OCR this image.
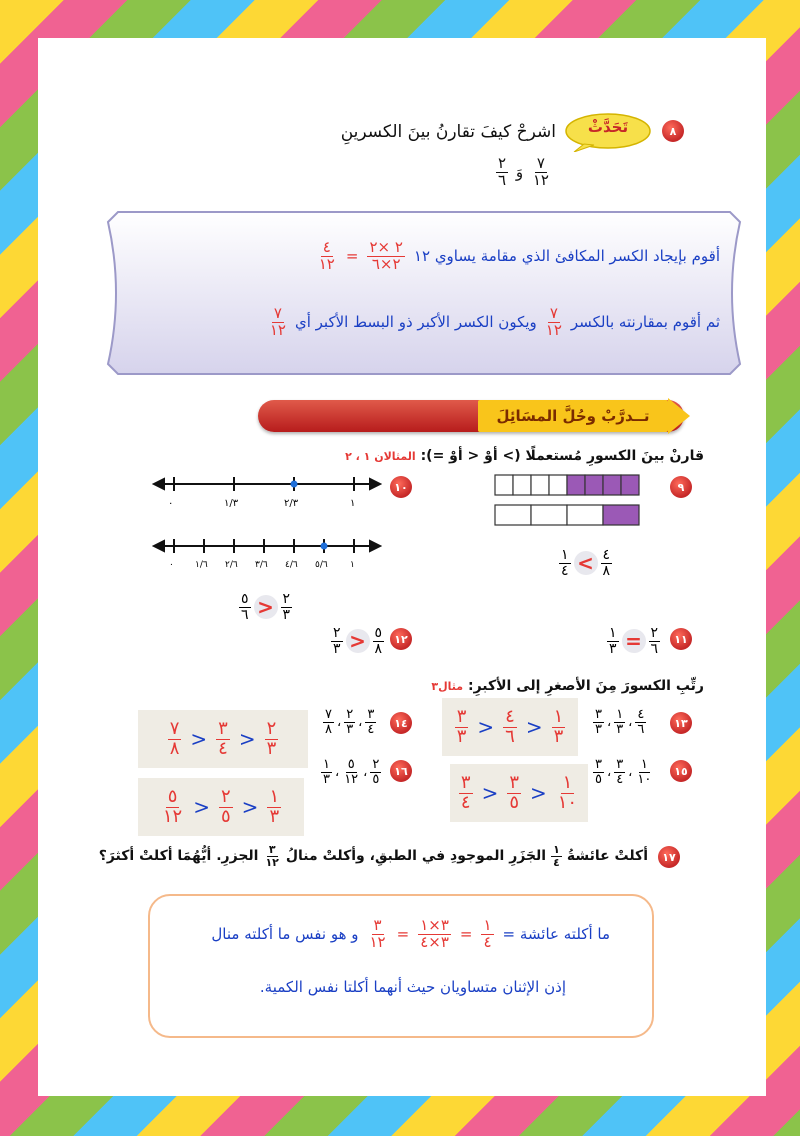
٨
تَحَدَّثْ
اشرحْ كيفَ تقارنُ بينَ الكسرينِ
$\frac{٧}{١٢}$
وَ
$\frac{٢}{٦}$
أقوم بإيجاد الكسر المكافئ الذي مقامة يساوي ١٢
$\frac{٢ \times ٢}{٢\times ٦}$
=
$\frac{٤}{١٢}$
ثم أقوم بمقارنته بالكسر
$\frac{٧}{١٢}$
ويكون الكسر الأكبر ذو البسط الأكبر أي
$\frac{٧}{١٢}$
تــدرَّبْ وحُلَّ المسَائِلَ
قارنْ بينَ الكسورِ مُستعملًا (> أوْ < أوْ =): المثالان ١ ، ٢
٩
$\frac{١}{٤} < \frac{٤}{٨}$
١٠
٠	١/٣	٢/٣	١
٠ ١/٦ ٢/٦ ٣/٦ ٤/٦ ٥/٦ ١
$\frac{٥}{٦} > \frac{٢}{٣}$
١١
$\frac{١}{٣} = \frac{٢}{٦}$
١٢
$\frac{٢}{٣} > \frac{٥}{٨}$
رتِّبِ الكسورَ مِنَ الأصغرِ إلى الأكبرِ: مثال٣
١٣
$\frac{٤}{٦}$
،
$\frac{١}{٣}$
،
$\frac{٣}{٣}$
$\frac{٣}{٣} > \frac{٤}{٦} > \frac{١}{٣}$
١٤
$\frac{٣}{٤}$
،
$\frac{٢}{٣}$
،
$\frac{٧}{٨}$
$\frac{٧}{٨} > \frac{٣}{٤} > \frac{٢}{٣}$
١٥
$\frac{١}{١٠}$
،
$\frac{٣}{٤}$
،
$\frac{٣}{٥}$
$\frac{٣}{٤} > \frac{٣}{٥} > \frac{١}{١٠}$
١٦
$\frac{٢}{٥}$
،
$\frac{٥}{١٢}$
،
$\frac{١}{٣}$
$\frac{٥}{١٢} > \frac{٢}{٥} > \frac{١}{٣}$
١٧
أكلتْ عائشةُ
$\frac{١}{٤}$
الجَزَرِ الموجودِ في الطبقِ، وأكلتْ منالُ
$\frac{٣}{١٢}$
الجزرِ. أيُّهُمَا أكلتْ أكثرَ؟
ما أكلته عائشة =
$\frac{١}{٤}$
=
$\frac{٣\times ١}{٣\times ٤}$
=
$\frac{٣}{١٢}$
و هو نفس ما أكلته منال
إذن الإثنان متساويان حيث أنهما أكلتا نفس الكمية.
